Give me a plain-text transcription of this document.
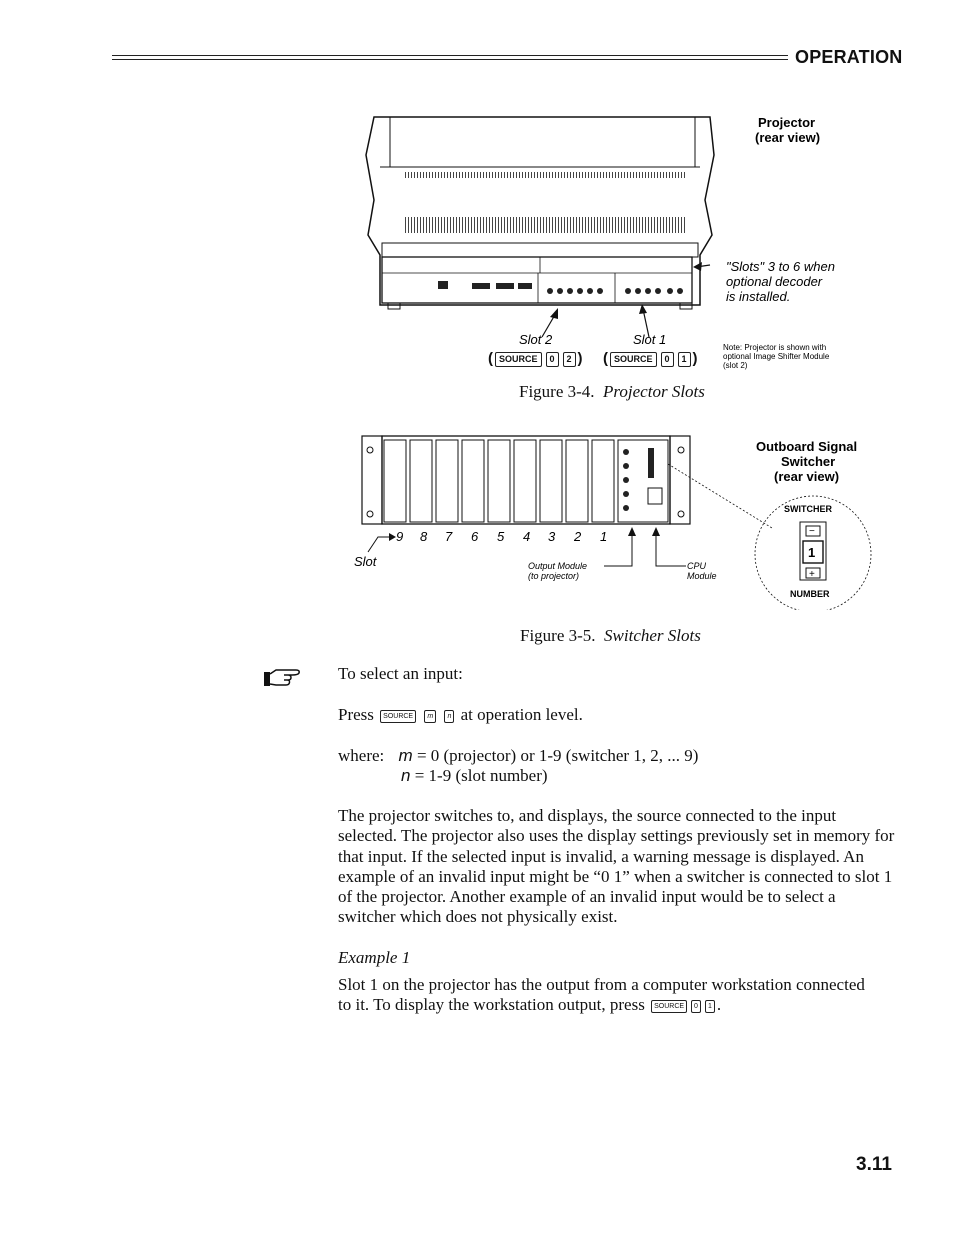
OPERATION
Projector
(rear view)
"Slots" 3 to 6 when
optional decoder
is installed.
Slot 2	Slot 1
Note: Projector is shown with
optional Image Shifter Module
(slot 2)
( SOURCE 0 2 ) ( SOURCE 0 1 )
Figure 3-4. Projector Slots
9 8 7 6 5 4 3 2 1
Slot	Output Module
(to projector)
CPU
Module
Outboard Signal
Switcher
(rear view)
SWITCHER
NUMBER
−
1
+
Figure 3-5. Switcher Slots
To select an input:
Press SOURCE m n at operation level.
where: m = 0 (projector) or 1-9 (switcher 1, 2, ... 9)
n = 1-9 (slot number)
The projector switches to, and displays, the source connected to the input selected. The projector also uses the display settings previously set in memory for that input. If the selected input is invalid, a warning message is displayed. An example of an invalid input might be “0 1” when a switcher is connected to slot 1 of the projector. Another example of an invalid input would be to select a switcher which does not physically exist.
Example 1
Slot 1 on the projector has the output from a computer workstation connected to it. To display the workstation output, press SOURCE 0 1 .
3.11
